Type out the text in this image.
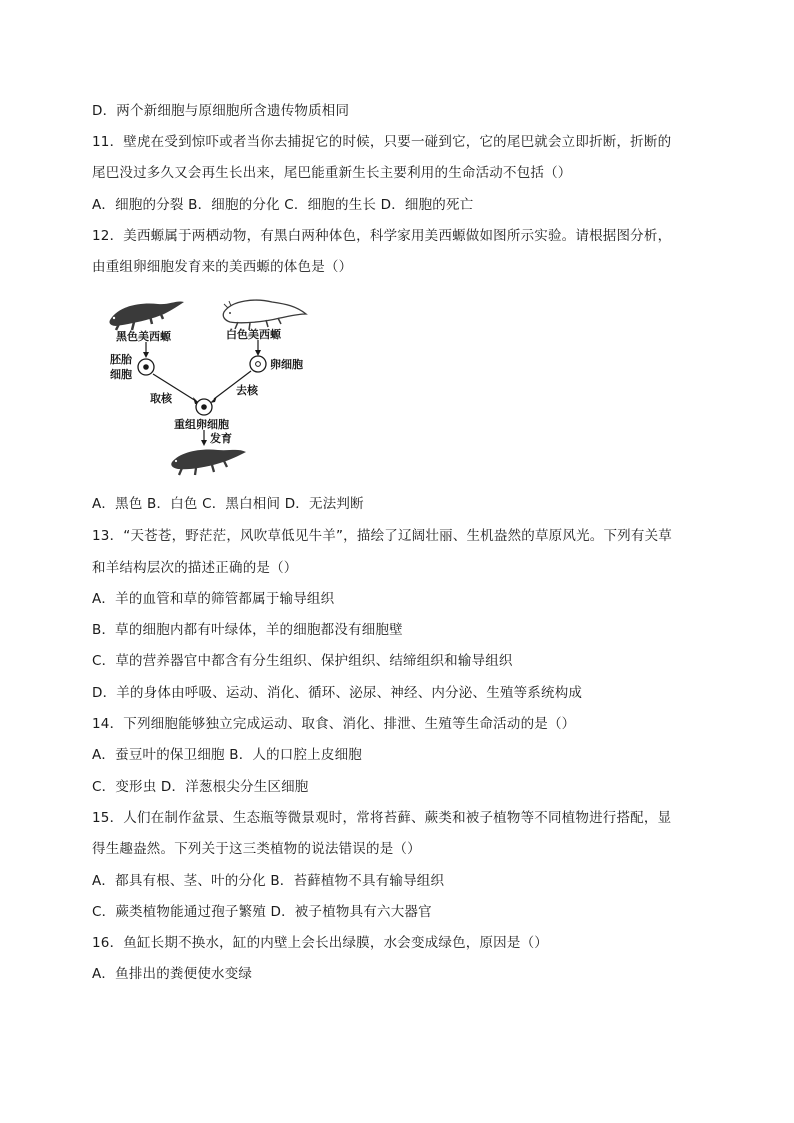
D．两个新细胞与原细胞所含遗传物质相同
11．壁虎在受到惊吓或者当你去捕捉它的时候，只要一碰到它，它的尾巴就会立即折断，折断的
尾巴没过多久又会再生长出来，尾巴能重新生长主要利用的生命活动不包括（）
A．细胞的分裂 B．细胞的分化 C．细胞的生长 D．细胞的死亡
12．美西螈属于两栖动物，有黑白两种体色，科学家用美西螈做如图所示实验。请根据图分析，
由重组卵细胞发育来的美西螈的体色是（）
黑色美西螈	白色美西螈
胚胎
细胞
卵细胞
取核
去核
重组卵细胞
发育
A．黑色 B．白色 C．黑白相间 D．无法判断
13．“天苍苍，野茫茫，风吹草低见牛羊”，描绘了辽阔壮丽、生机盎然的草原风光。下列有关草
和羊结构层次的描述正确的是（）
A．羊的血管和草的筛管都属于输导组织
B．草的细胞内都有叶绿体，羊的细胞都没有细胞壁
C．草的营养器官中都含有分生组织、保护组织、结缔组织和输导组织
D．羊的身体由呼吸、运动、消化、循环、泌尿、神经、内分泌、生殖等系统构成
14．下列细胞能够独立完成运动、取食、消化、排泄、生殖等生命活动的是（）
A．蚕豆叶的保卫细胞 B．人的口腔上皮细胞
C．变形虫 D．洋葱根尖分生区细胞
15．人们在制作盆景、生态瓶等微景观时，常将苔藓、蕨类和被子植物等不同植物进行搭配，显
得生趣盎然。下列关于这三类植物的说法错误的是（）
A．都具有根、茎、叶的分化 B．苔藓植物不具有输导组织
C．蕨类植物能通过孢子繁殖 D．被子植物具有六大器官
16．鱼缸长期不换水，缸的内壁上会长出绿膜，水会变成绿色，原因是（）
A．鱼排出的粪便使水变绿
